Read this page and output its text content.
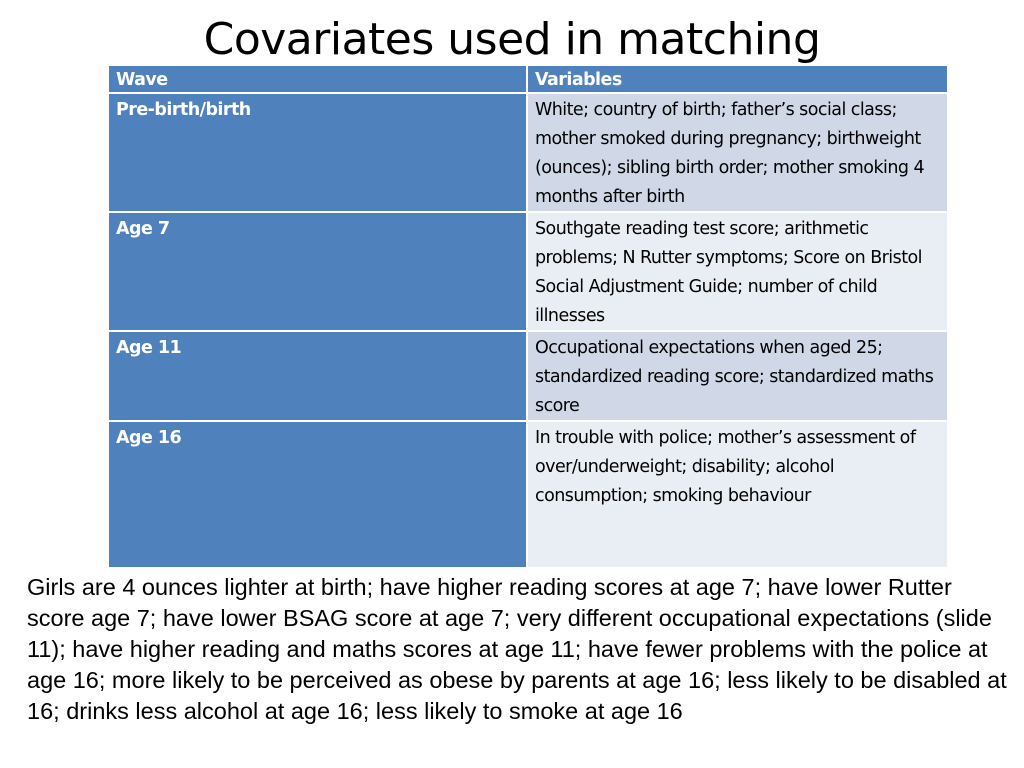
Covariates used in matching
Wave	Variables
Pre-birth/birth	White; country of birth; father’s social class; mother smoked during pregnancy; birthweight (ounces); sibling birth order; mother smoking 4 months after birth
Age 7	Southgate reading test score; arithmetic problems; N Rutter symptoms; Score on Bristol Social Adjustment Guide; number of child illnesses
Age 11	Occupational expectations when aged 25; standardized reading score; standardized maths score
Age 16	In trouble with police; mother’s assessment of over/underweight; disability; alcohol consumption; smoking behaviour
Girls are 4 ounces lighter at birth; have higher reading scores at age 7; have lower Rutter score age 7; have lower BSAG score at age 7; very different occupational expectations (slide 11); have higher reading and maths scores at age 11; have fewer problems with the police at age 16; more likely to be perceived as obese by parents at age 16; less likely to be disabled at 16; drinks less alcohol at age 16; less likely to smoke at age 16
